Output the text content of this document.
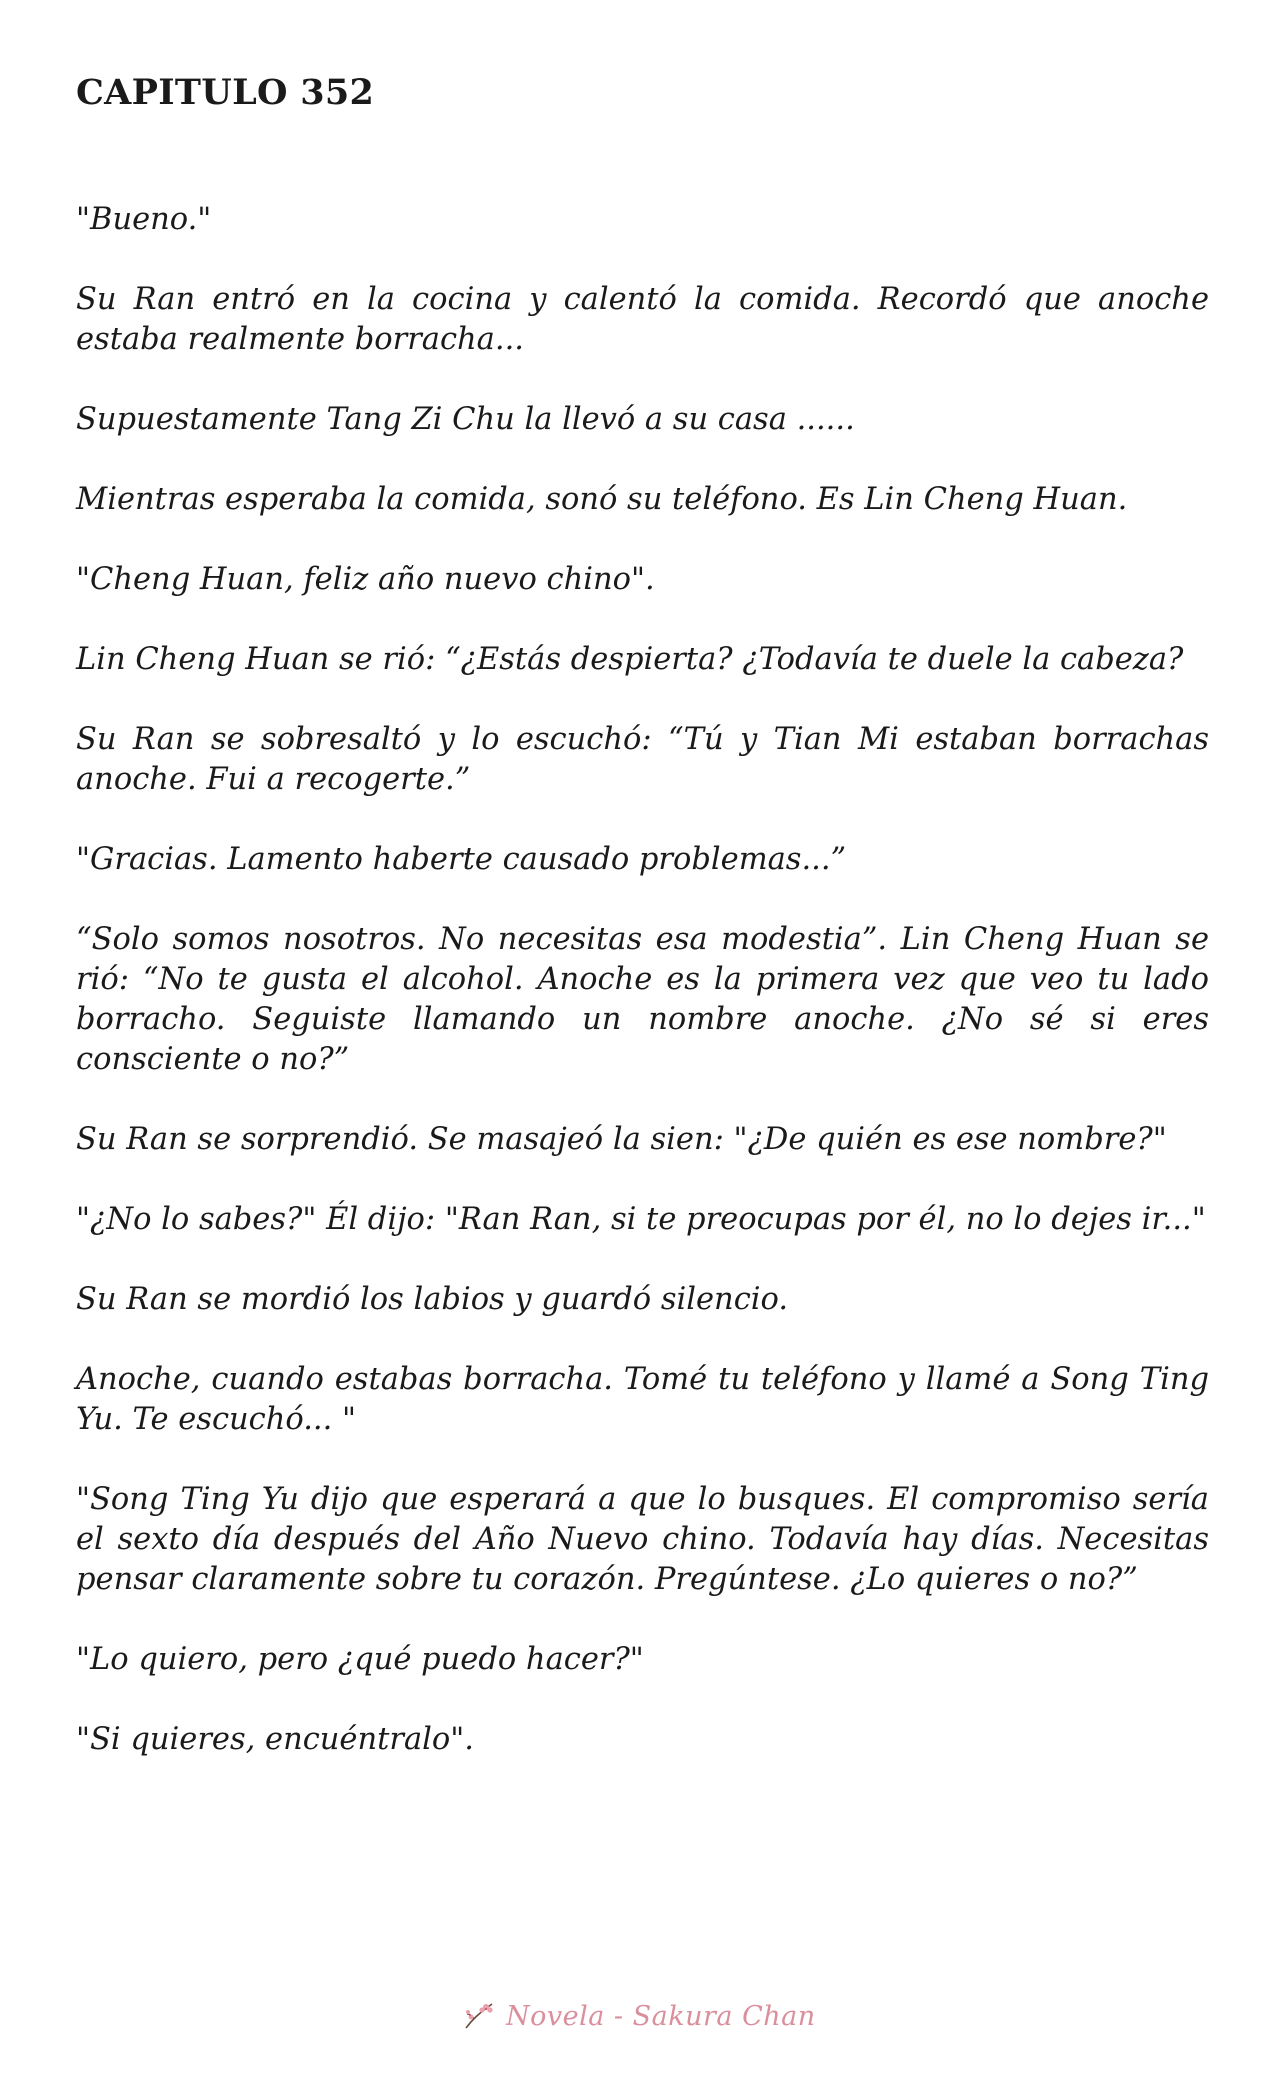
CAPITULO 352

"Bueno."

Su Ran entró en la cocina y calentó la comida. Recordó que anoche estaba realmente borracha...

Supuestamente Tang Zi Chu la llevó a su casa ......

Mientras esperaba la comida, sonó su teléfono. Es Lin Cheng Huan.

"Cheng Huan, feliz año nuevo chino".

Lin Cheng Huan se rió: “¿Estás despierta? ¿Todavía te duele la cabeza?

Su Ran se sobresaltó y lo escuchó: “Tú y Tian Mi estaban borrachas anoche. Fui a recogerte.”

"Gracias. Lamento haberte causado problemas...”

“Solo somos nosotros. No necesitas esa modestia”. Lin Cheng Huan se rió: “No te gusta el alcohol. Anoche es la primera vez que veo tu lado borracho. Seguiste llamando un nombre anoche. ¿No sé si eres consciente o no?”

Su Ran se sorprendió. Se masajeó la sien: "¿De quién es ese nombre?"

"¿No lo sabes?" Él dijo: "Ran Ran, si te preocupas por él, no lo dejes ir..."

Su Ran se mordió los labios y guardó silencio.

Anoche, cuando estabas borracha. Tomé tu teléfono y llamé a Song Ting Yu. Te escuchó... "

"Song Ting Yu dijo que esperará a que lo busques. El compromiso sería el sexto día después del Año Nuevo chino. Todavía hay días. Necesitas pensar claramente sobre tu corazón. Pregúntese. ¿Lo quieres o no?”

"Lo quiero, pero ¿qué puedo hacer?"

"Si quieres, encuéntralo".

Novela - Sakura Chan
